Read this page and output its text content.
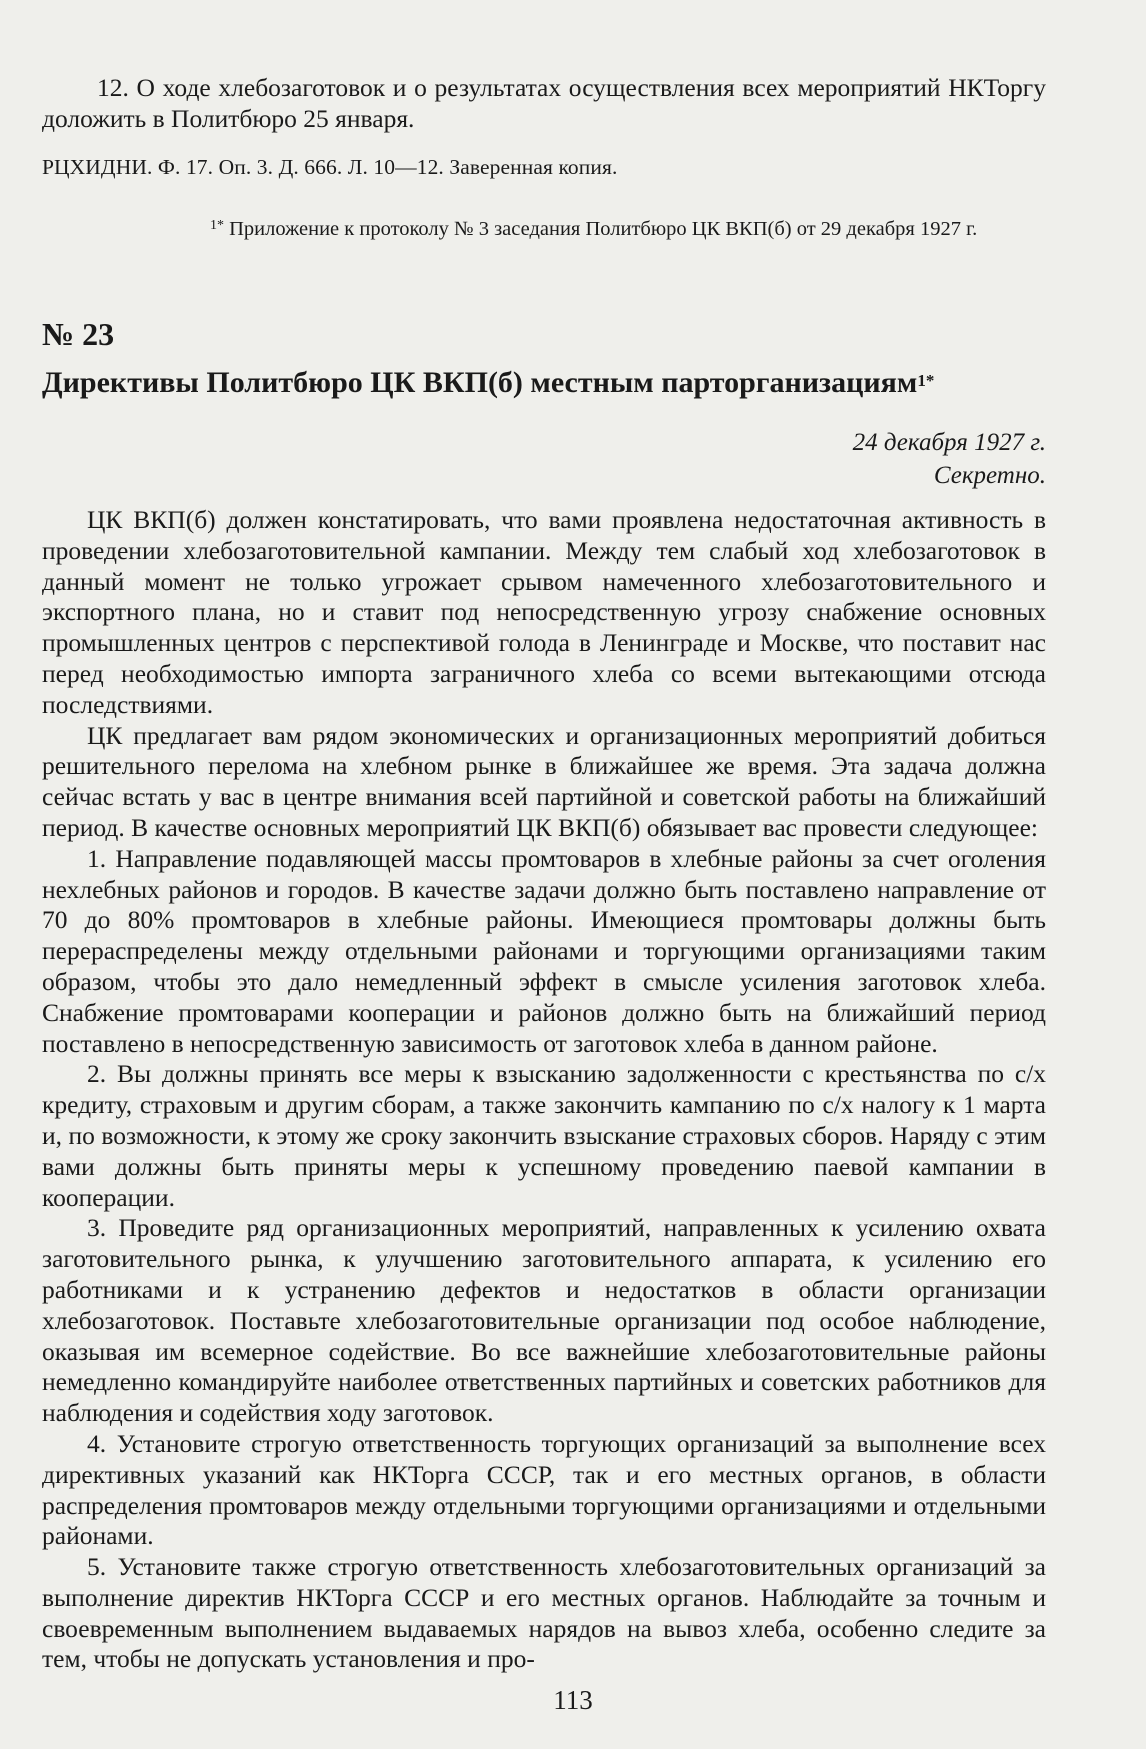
12. О ходе хлебозаготовок и о результатах осуществления всех мероприятий НКТоргу доложить в Политбюро 25 января.

РЦХИДНИ. Ф. 17. Оп. 3. Д. 666. Л. 10—12. Заверенная копия.

$^{1*}$ Приложение к протоколу № 3 заседания Политбюро ЦК ВКП(б) от 29 декабря 1927 г.

№ 23
Директивы Политбюро ЦК ВКП(б) местным парторганизациям$^{1*}$
24 декабря 1927 г.
Секретно.

ЦК ВКП(б) должен констатировать, что вами проявлена недостаточная активность в проведении хлебозаготовительной кампании. Между тем слабый ход хлебозаготовок в данный момент не только угрожает срывом намеченного хлебозаготовительного и экспортного плана, но и ставит под непосредственную угрозу снабжение основных промышленных центров с перспективой голода в Ленинграде и Москве, что поставит нас перед необходимостью импорта заграничного хлеба со всеми вытекающими отсюда последствиями.

ЦК предлагает вам рядом экономических и организационных мероприятий добиться решительного перелома на хлебном рынке в ближайшее же время. Эта задача должна сейчас встать у вас в центре внимания всей партийной и советской работы на ближайший период. В качестве основных мероприятий ЦК ВКП(б) обязывает вас провести следующее:

1. Направление подавляющей массы промтоваров в хлебные районы за счет оголения нехлебных районов и городов. В качестве задачи должно быть поставлено направление от 70 до 80% промтоваров в хлебные районы. Имеющиеся промтовары должны быть перераспределены между отдельными районами и торгующими организациями таким образом, чтобы это дало немедленный эффект в смысле усиления заготовок хлеба. Снабжение промтоварами кооперации и районов должно быть на ближайший период поставлено в непосредственную зависимость от заготовок хлеба в данном районе.

2. Вы должны принять все меры к взысканию задолженности с крестьянства по с/х кредиту, страховым и другим сборам, а также закончить кампанию по с/х налогу к 1 марта и, по возможности, к этому же сроку закончить взыскание страховых сборов. Наряду с этим вами должны быть приняты меры к успешному проведению паевой кампании в кооперации.

3. Проведите ряд организационных мероприятий, направленных к усилению охвата заготовительного рынка, к улучшению заготовительного аппарата, к усилению его работниками и к устранению дефектов и недостатков в области организации хлебозаготовок. Поставьте хлебозаготовительные организации под особое наблюдение, оказывая им всемерное содействие. Во все важнейшие хлебозаготовительные районы немедленно командируйте наиболее ответственных партийных и советских работников для наблюдения и содействия ходу заготовок.

4. Установите строгую ответственность торгующих организаций за выполнение всех директивных указаний как НКТорга СССР, так и его местных органов, в области распределения промтоваров между отдельными торгующими организациями и отдельными районами.

5. Установите также строгую ответственность хлебозаготовительных организаций за выполнение директив НКТорга СССР и его местных органов. Наблюдайте за точным и своевременным выполнением выдаваемых нарядов на вывоз хлеба, особенно следите за тем, чтобы не допускать установления и про-

113
